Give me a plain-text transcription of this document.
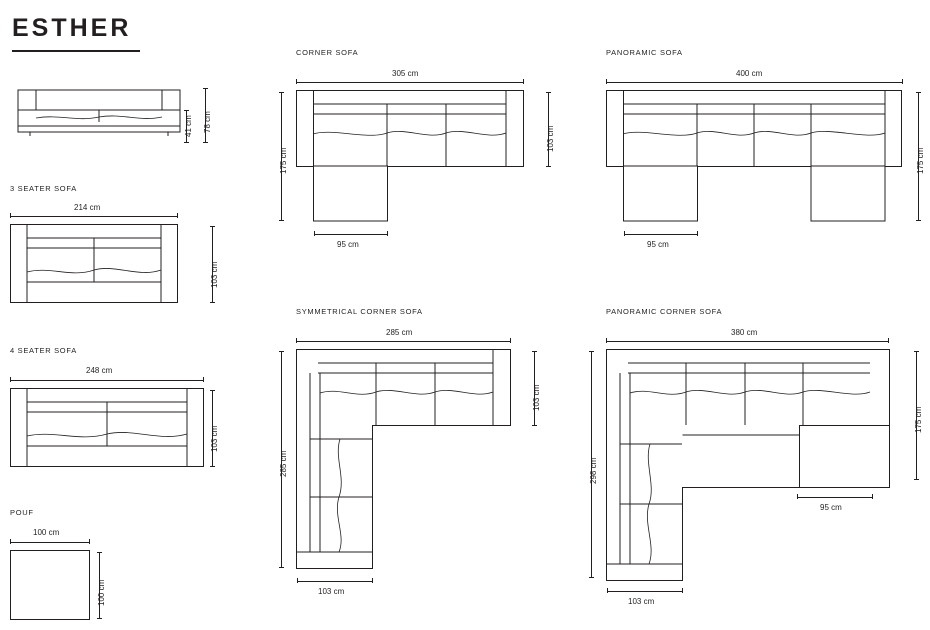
ESTHER
78 cm
41 cm
3 SEATER SOFA
214 cm
103 cm
4 SEATER SOFA
248 cm
103 cm
POUF
100 cm
100 cm
CORNER SOFA
305 cm
103 cm
175 cm
95 cm
PANORAMIC SOFA
400 cm
175 cm
95 cm
SYMMETRICAL CORNER SOFA
285 cm
103 cm
285 cm
103 cm
PANORAMIC CORNER SOFA
380 cm
175 cm
298 cm
95 cm
103 cm
